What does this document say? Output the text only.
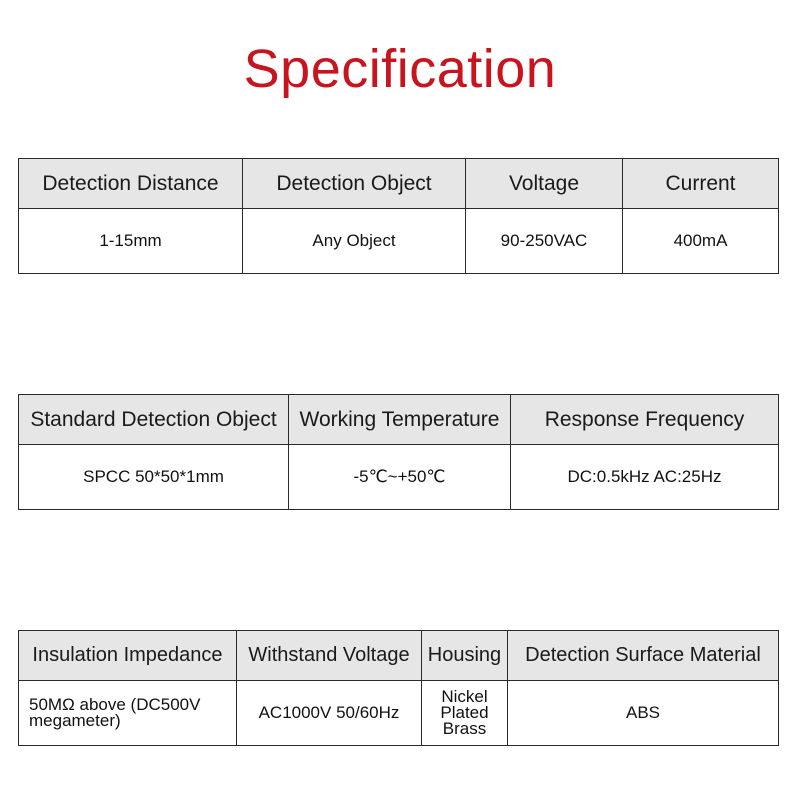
Specification
Detection Distance	Detection Object	Voltage	Current
1-15mm	Any Object	90-250VAC	400mA
Standard Detection Object	Working Temperature	Response Frequency
SPCC 50*50*1mm	-5℃~+50℃	DC:0.5kHz AC:25Hz
Insulation Impedance	Withstand Voltage	Housing	Detection Surface Material
50MΩ above (DC500V megameter)	AC1000V 50/60Hz	Nickel Plated Brass	ABS
